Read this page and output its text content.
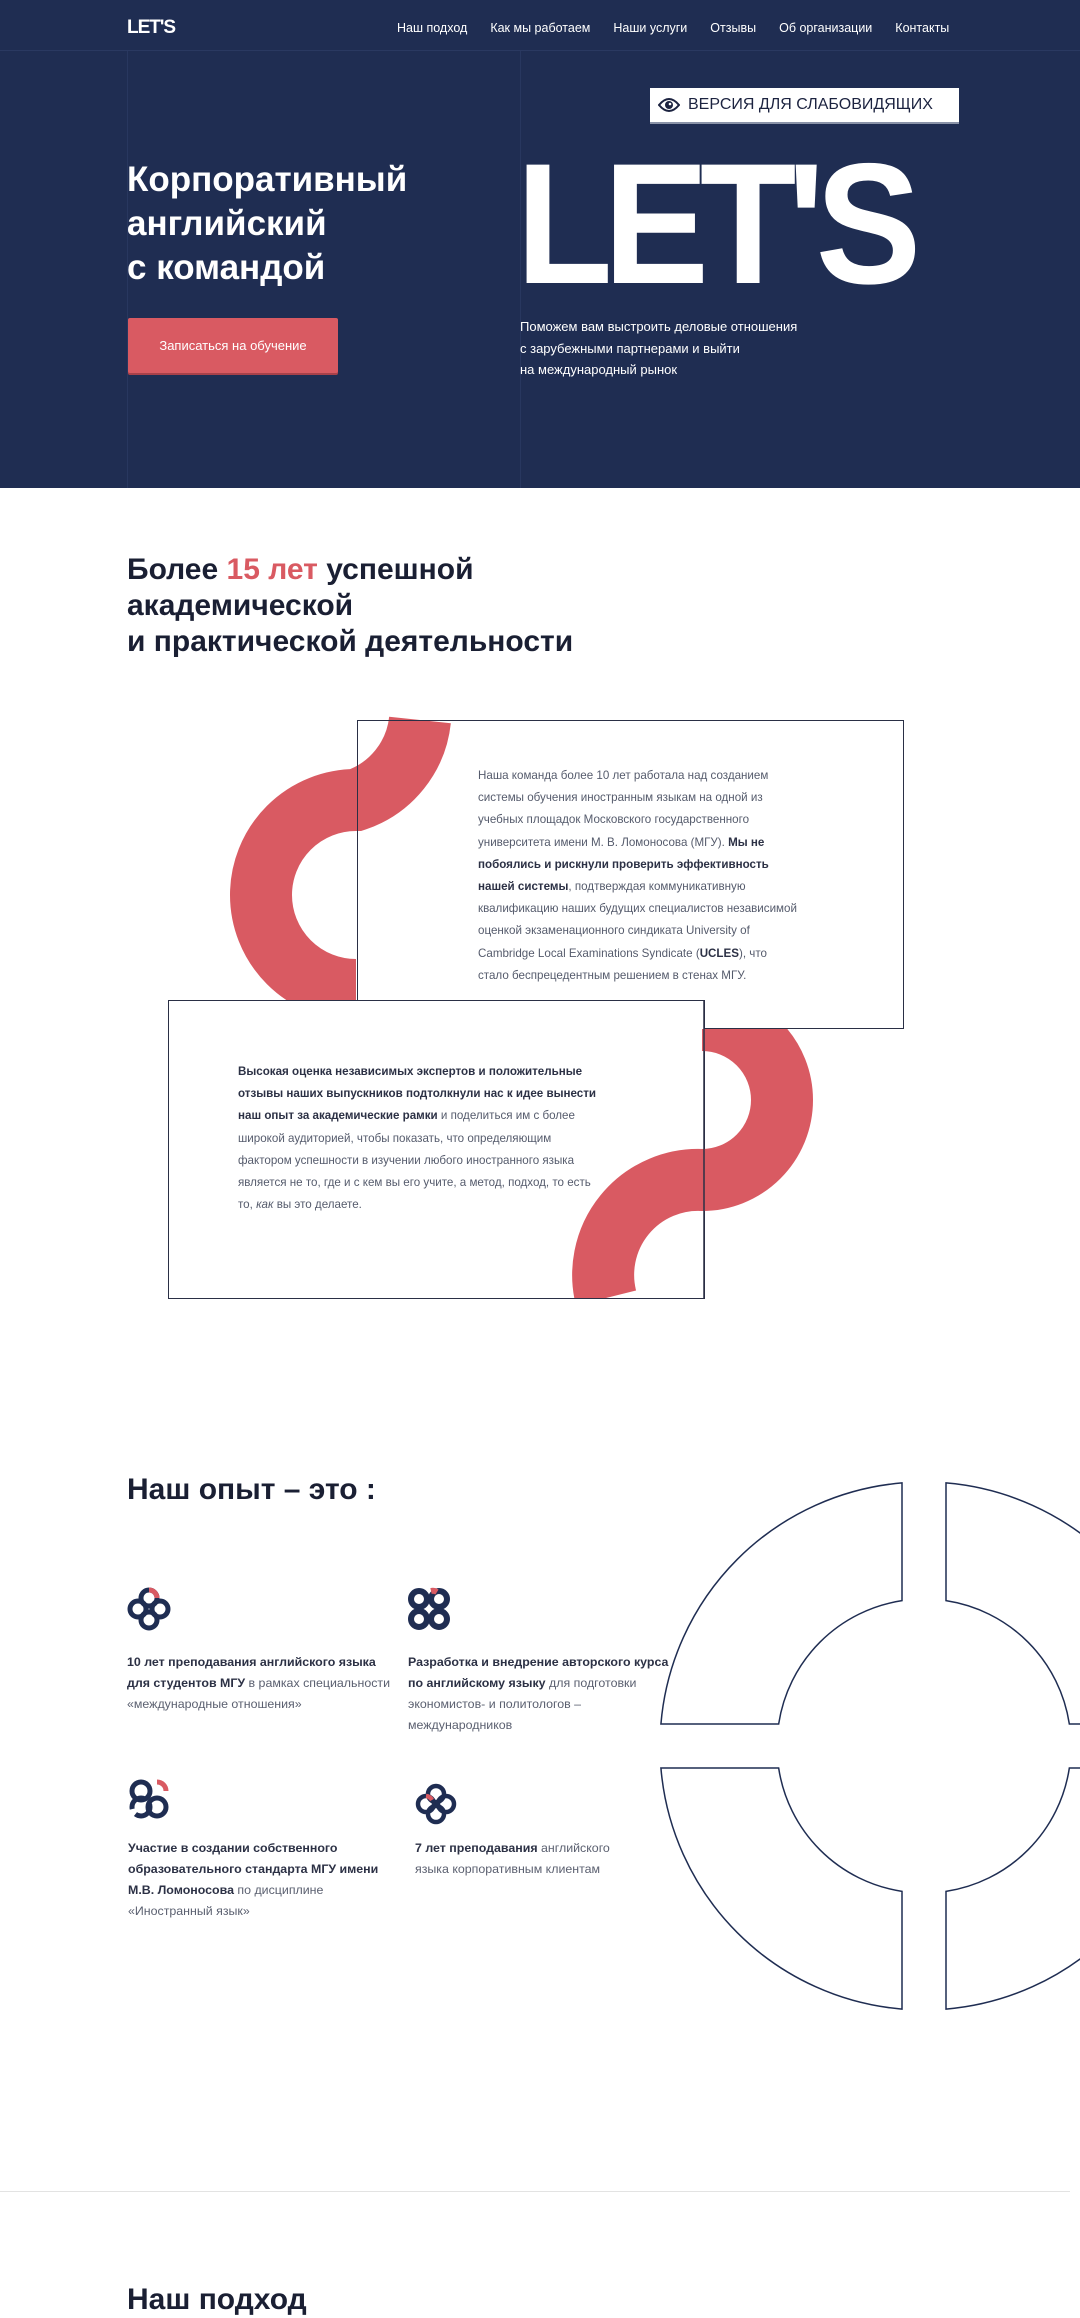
LET'S	Наш подход Как мы работаем Наши услуги Отзывы Об организации Контакты
ВЕРСИЯ ДЛЯ СЛАБОВИДЯЩИХ
Корпоративный
английский
с командой	LET'S
Записаться на обучение
Поможем вам выстроить деловые отношения
с зарубежными партнерами и выйти
на международный рынок
Более 15 лет успешной
академической
и практической деятельности
Наша команда более 10 лет работала над созданием системы обучения иностранным языкам на одной из учебных площадок Московского государственного университета имени М. В. Ломоносова (МГУ). Мы не побоялись и рискнули проверить эффективность нашей системы, подтверждая коммуникативную квалификацию наших будущих специалистов независимой оценкой экзаменационного синдиката University of Cambridge Local Examinations Syndicate (UCLES), что стало беспрецедентным решением в стенах МГУ.
Высокая оценка независимых экспертов и положительные отзывы наших выпускников подтолкнули нас к идее вынести наш опыт за академические рамки и поделиться им с более широкой аудиторией, чтобы показать, что определяющим фактором успешности в изучении любого иностранного языка является не то, где и с кем вы его учите, а метод, подход, то есть то, как вы это делаете.
Наш опыт – это :
10 лет преподавания английского языка для студентов МГУ в рамках специальности «международные отношения»
Разработка и внедрение авторского курса по английскому языку для подготовки экономистов- и политологов –международников
Участие в создании собственного образовательного стандарта МГУ имени М.В. Ломоносова по дисциплине «Иностранный язык»
7 лет преподавания английского языка корпоративным клиентам
Наш подход
